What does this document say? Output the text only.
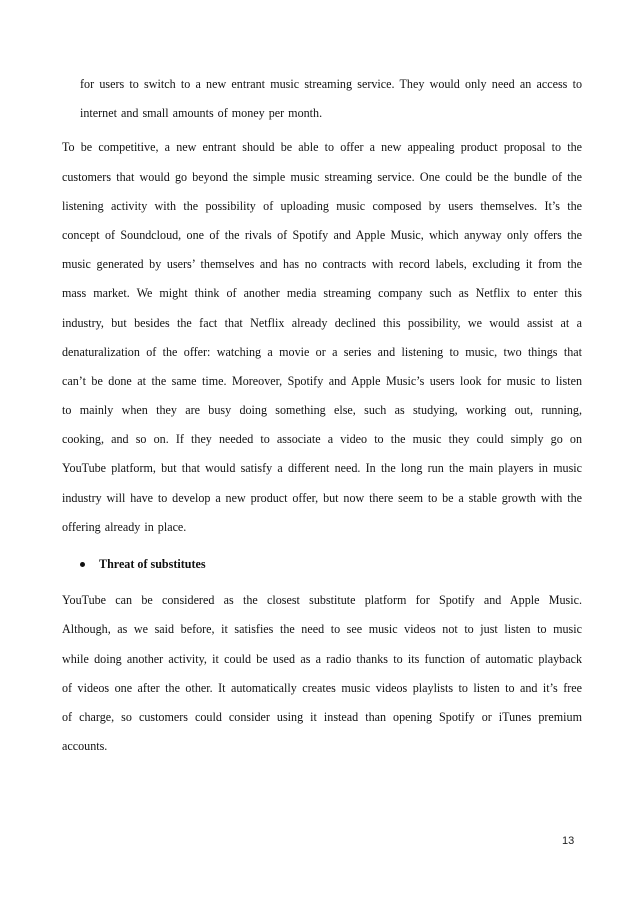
for users to switch to a new entrant music streaming service. They would only need an access to
internet and small amounts of money per month.
To be competitive, a new entrant should be able to offer a new appealing product proposal to the
customers that would go beyond the simple music streaming service. One could be the bundle of the
listening activity with the possibility of uploading music composed by users themselves. It’s the
concept of Soundcloud, one of the rivals of Spotify and Apple Music, which anyway only offers the
music generated by users’ themselves and has no contracts with record labels, excluding it from the
mass market. We might think of another media streaming company such as Netflix to enter this
industry, but besides the fact that Netflix already declined this possibility, we would assist at a
denaturalization of the offer: watching a movie or a series and listening to music, two things that
can’t be done at the same time. Moreover, Spotify and Apple Music’s users look for music to listen
to mainly when they are busy doing something else, such as studying, working out, running,
cooking, and so on. If they needed to associate a video to the music they could simply go on
YouTube platform, but that would satisfy a different need. In the long run the main players in music
industry will have to develop a new product offer, but now there seem to be a stable growth with the
offering already in place.
Threat of substitutes
YouTube can be considered as the closest substitute platform for Spotify and Apple Music.
Although, as we said before, it satisfies the need to see music videos not to just listen to music
while doing another activity, it could be used as a radio thanks to its function of automatic playback
of videos one after the other. It automatically creates music videos playlists to listen to and it’s free
of charge, so customers could consider using it instead than opening Spotify or iTunes premium
accounts.
13
